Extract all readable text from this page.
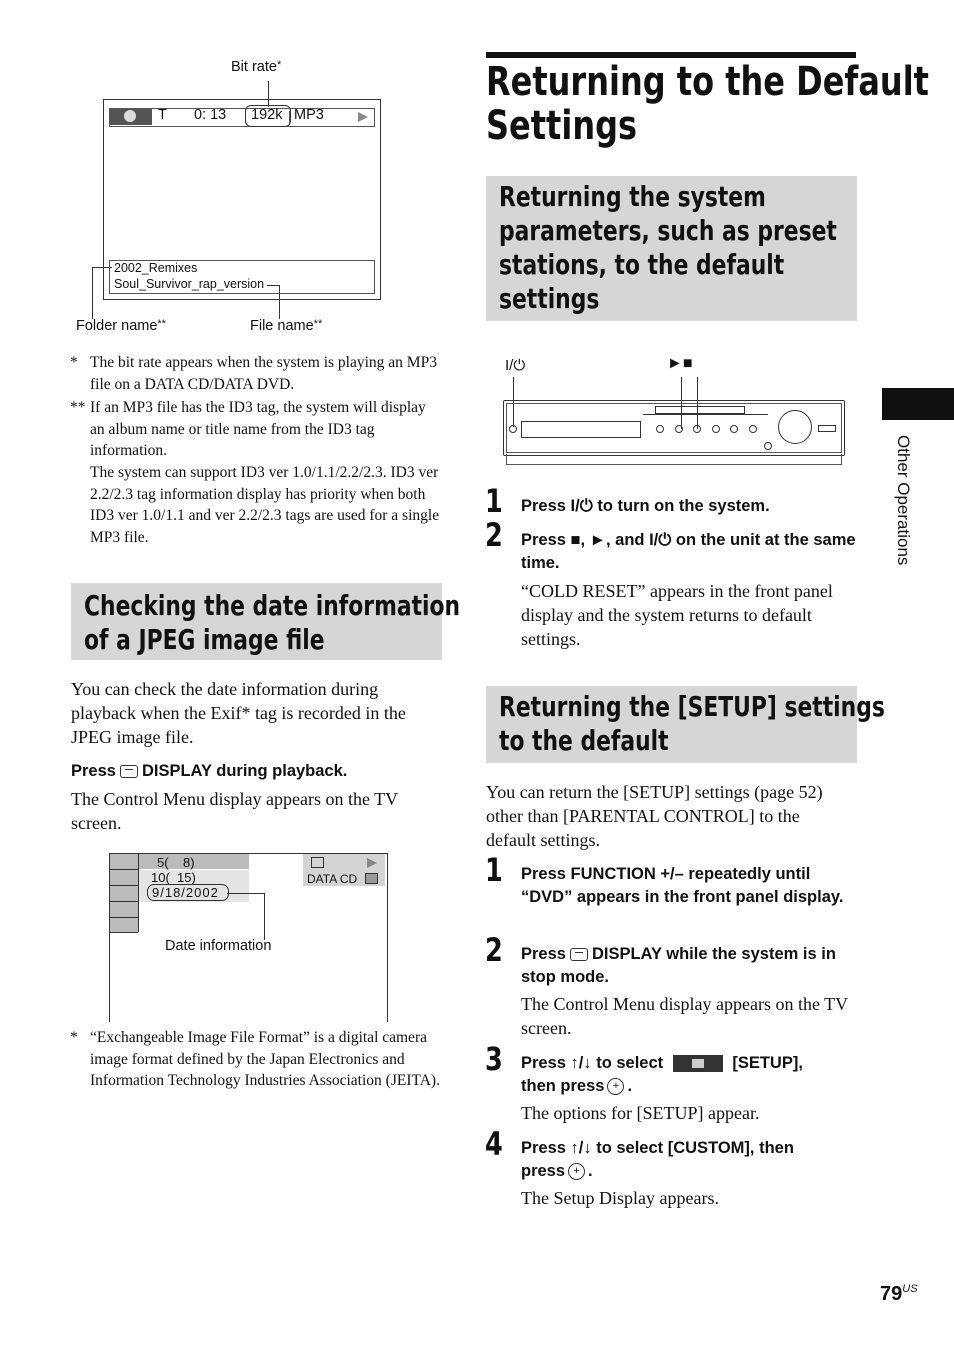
Bit rate*
T 0: 13 192k MP3
2002_Remixes
Soul_Survivor_rap_version
Folder name**	File name**
* The bit rate appears when the system is playing an MP3 file on a DATA CD/DATA DVD.
** If an MP3 file has the ID3 tag, the system will display an album name or title name from the ID3 tag information.
The system can support ID3 ver 1.0/1.1/2.2/2.3. ID3 ver 2.2/2.3 tag information display has priority when both ID3 ver 1.0/1.1 and ver 2.2/2.3 tags are used for a single MP3 file.
Checking the date information
of a JPEG image file
You can check the date information during playback when the Exif* tag is recorded in the JPEG image file.
Press DISPLAY during playback.
The Control Menu display appears on the TV screen.
5(    8)
10(  15)
9/18/2002
DATA CD
Date information
* “Exchangeable Image File Format” is a digital camera image format defined by the Japan Electronics and Information Technology Industries Association (JEITA).
Returning to the Default
Settings
Returning the system
parameters, such as preset
stations, to the default
settings
I/⏻	►■
1 Press I/⏻ to turn on the system.
2 Press ■, ►, and I/⏻ on the unit at the same time.
“COLD RESET” appears in the front panel display and the system returns to default settings.
Returning the [SETUP] settings
to the default
You can return the [SETUP] settings (page 52) other than [PARENTAL CONTROL] to the default settings.
1 Press FUNCTION +/– repeatedly until “DVD” appears in the front panel display.
2 Press DISPLAY while the system is in stop mode.
The Control Menu display appears on the TV screen.
3 Press ↑/↓ to select	[SETUP],
then press + .
The options for [SETUP] appear.
4 Press ↑/↓ to select [CUSTOM], then
press + .
The Setup Display appears.
Other Operations
$79^{US}$
